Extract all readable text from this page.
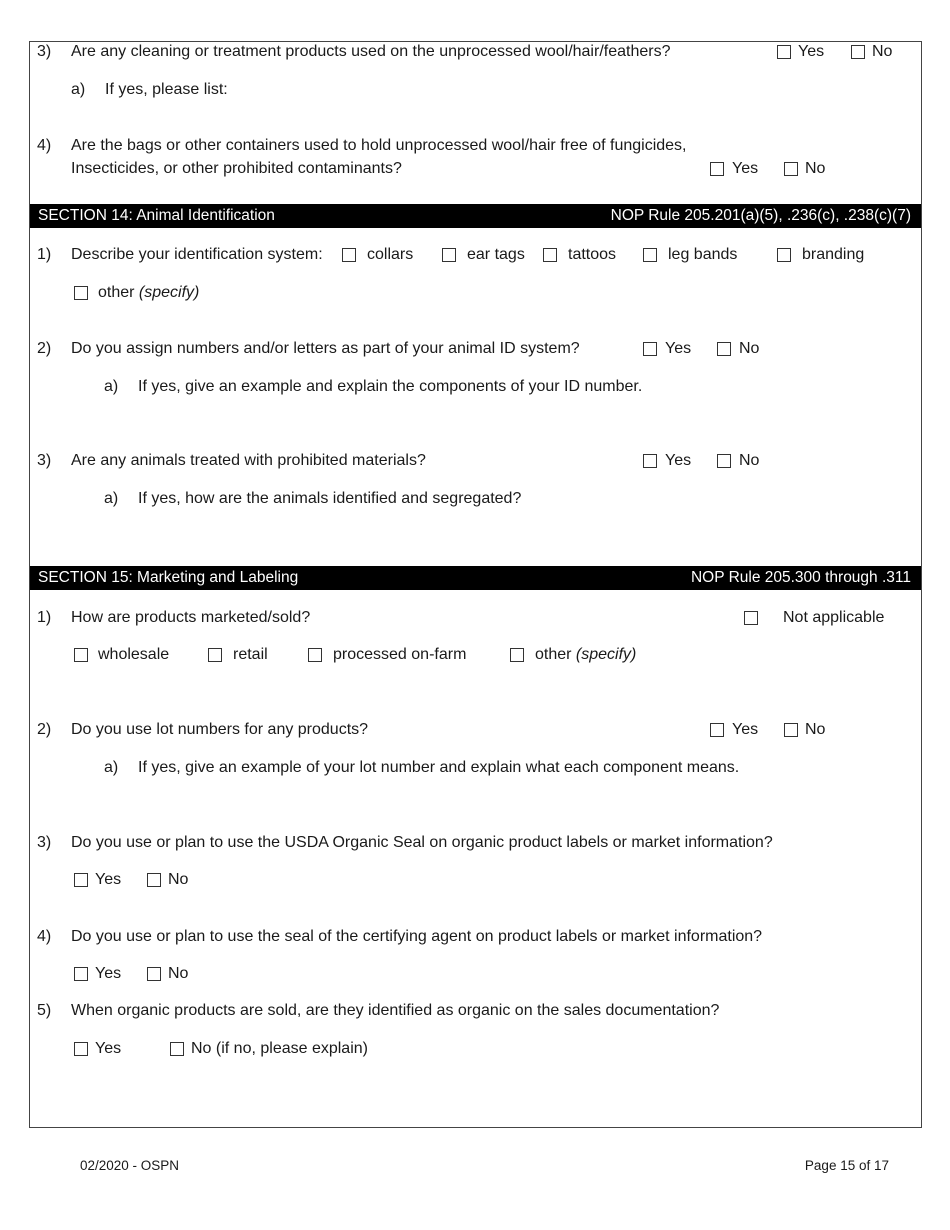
3) Are any cleaning or treatment products used on the unprocessed wool/hair/feathers?	Yes	No
a) If yes, please list:
4) Are the bags or other containers used to hold unprocessed wool/hair free of fungicides,
Insecticides, or other prohibited contaminants?	Yes	No
SECTION 14: Animal Identification	NOP Rule 205.201(a)(5), .236(c), .238(c)(7)
1) Describe your identification system:	collars	ear tags	tattoos	leg bands	branding
other (specify)
2) Do you assign numbers and/or letters as part of your animal ID system?	Yes	No
a) If yes, give an example and explain the components of your ID number.
3) Are any animals treated with prohibited materials?	Yes	No
a) If yes, how are the animals identified and segregated?
SECTION 15: Marketing and Labeling	NOP Rule 205.300 through .311
1) How are products marketed/sold?	Not applicable
wholesale	retail	processed on-farm	other (specify)
2) Do you use lot numbers for any products?	Yes	No
a) If yes, give an example of your lot number and explain what each component means.
3) Do you use or plan to use the USDA Organic Seal on organic product labels or market information?
Yes	No
4) Do you use or plan to use the seal of the certifying agent on product labels or market information?
Yes	No
5) When organic products are sold, are they identified as organic on the sales documentation?
Yes	No (if no, please explain)
02/2020 - OSPN	Page 15 of 17
